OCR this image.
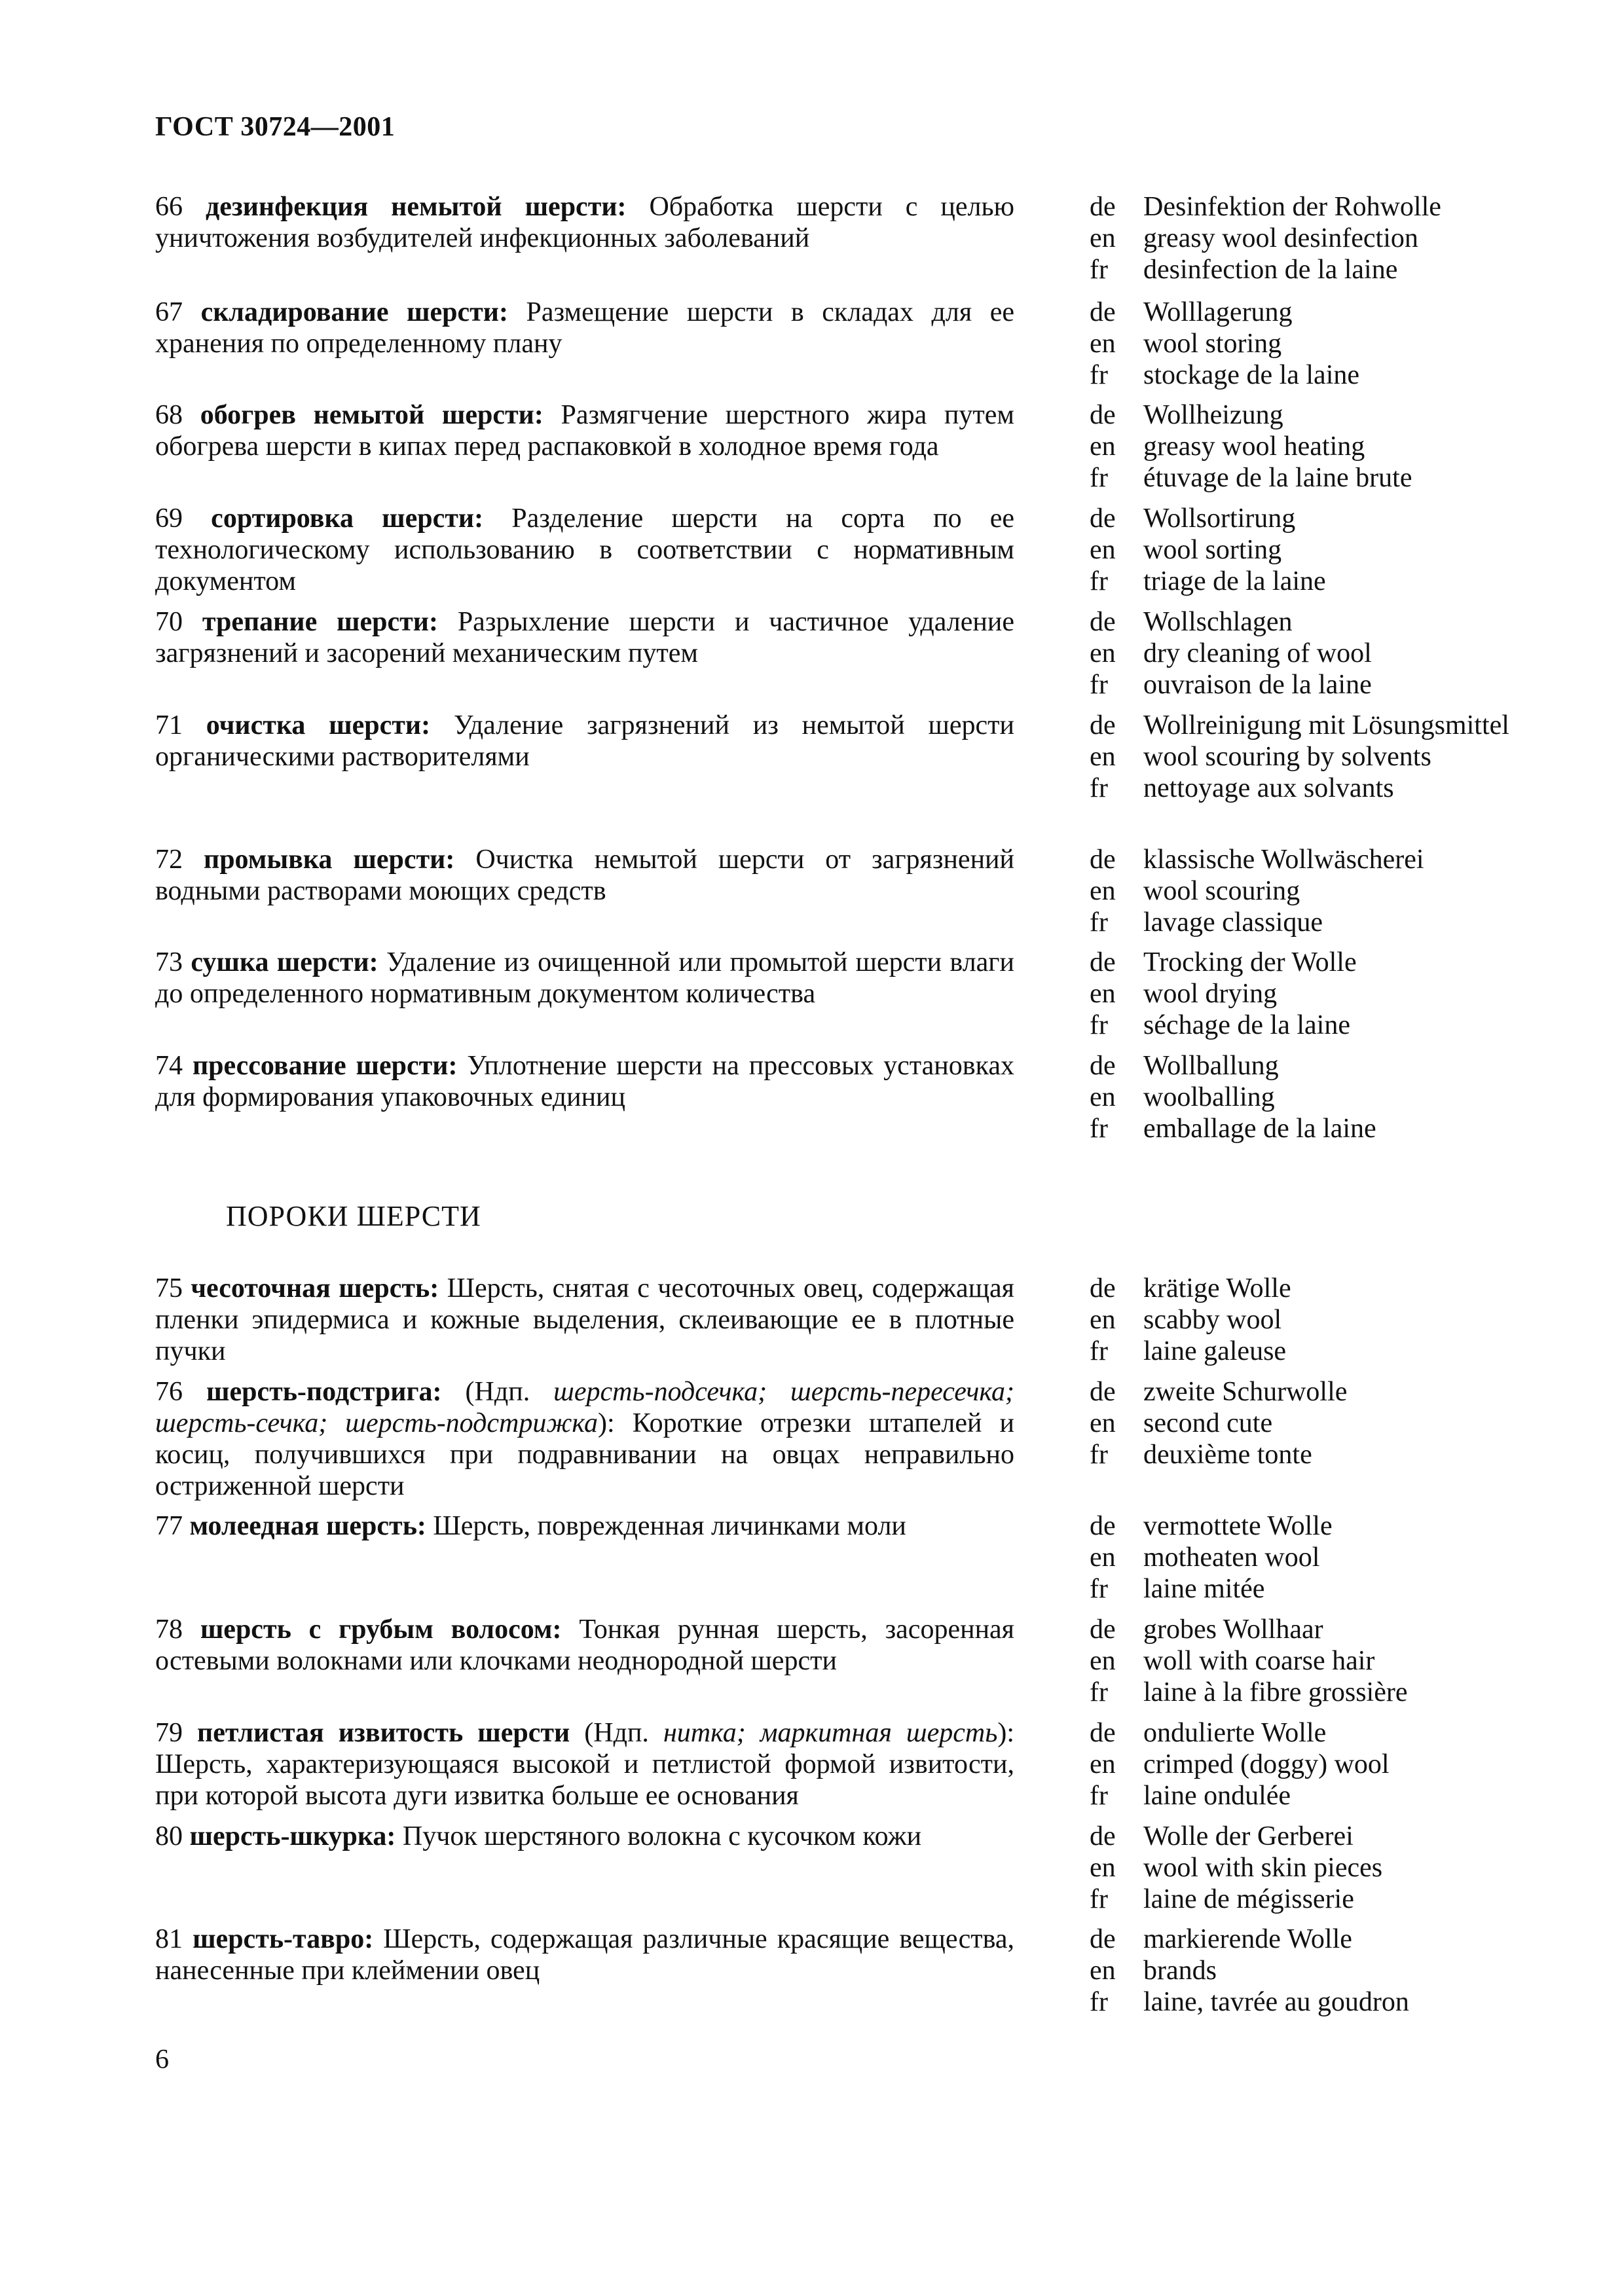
ГОСТ 30724—2001
ПОРОКИ ШЕРСТИ
66 дезинфекция немытой шерсти: Обработка шерсти с целью уничтожения возбудителей инфекционных заболеваний
de	Desinfektion der Rohwolle
en	greasy wool desinfection
fr	desinfection de la laine
67 складирование шерсти: Размещение шерсти в складах для ее хранения по определенному плану
de	Wolllagerung
en	wool storing
fr	stockage de la laine
68 обогрев немытой шерсти: Размягчение шерстного жира путем обогрева шерсти в кипах перед распаковкой в холодное время года
de	Wollheizung
en	greasy wool heating
fr	étuvage de la laine brute
69 сортировка шерсти: Разделение шерсти на сорта по ее технологическому использованию в соответствии с нормативным документом
de	Wollsortirung
en	wool sorting
fr	triage de la laine
70 трепание шерсти: Разрыхление шерсти и частичное удаление загрязнений и засорений механическим путем
de	Wollschlagen
en	dry cleaning of wool
fr	ouvraison de la laine
71 очистка шерсти: Удаление загрязнений из немытой шерсти органическими растворителями
de	Wollreinigung mit Lösungsmittel
en	wool scouring by solvents
fr	nettoyage aux solvants
72 промывка шерсти: Очистка немытой шерсти от загрязнений водными растворами моющих средств
de	klassische Wollwäscherei
en	wool scouring
fr	lavage classique
73 сушка шерсти: Удаление из очищенной или промытой шерсти влаги до определенного нормативным документом количества
de	Trocking der Wolle
en	wool drying
fr	séchage de la laine
74 прессование шерсти: Уплотнение шерсти на прессовых установках для формирования упаковочных единиц
de	Wollballung
en	woolballing
fr	emballage de la laine
75 чесоточная шерсть: Шерсть, снятая с чесоточных овец, содержащая пленки эпидермиса и кожные выделения, склеивающие ее в плотные пучки
de	krätige Wolle
en	scabby wool
fr	laine galeuse
76 шерсть-подстрига: (Ндп. шерсть-подсечка; шерсть-пересечка; шерсть-сечка; шерсть-подстрижка): Короткие отрезки штапелей и косиц, получившихся при подравнивании на овцах неправильно остриженной шерсти
de	zweite Schurwolle
en	second cute
fr	deuxième tonte
77 молеедная шерсть: Шерсть, поврежденная личинками моли	de	vermottete Wolle
en	motheaten wool
fr	laine mitée
78 шерсть с грубым волосом: Тонкая рунная шерсть, засоренная остевыми волокнами или клочками неоднородной шерсти
de	grobes Wollhaar
en	woll with coarse hair
fr	laine à la fibre grossière
79 петлистая извитость шерсти (Ндп. нитка; маркитная шерсть): Шерсть, характеризующаяся высокой и петлистой формой извитости, при которой высота дуги извитка больше ее основания
de	ondulierte Wolle
en	crimped (doggy) wool
fr	laine ondulée
80 шерсть-шкурка: Пучок шерстяного волокна с кусочком кожи	de	Wolle der Gerberei
en	wool with skin pieces
fr	laine de mégisserie
81 шерсть-тавро: Шерсть, содержащая различные красящие вещества, нанесенные при клеймении овец
de	markierende Wolle
en	brands
fr	laine, tavrée au goudron
6
